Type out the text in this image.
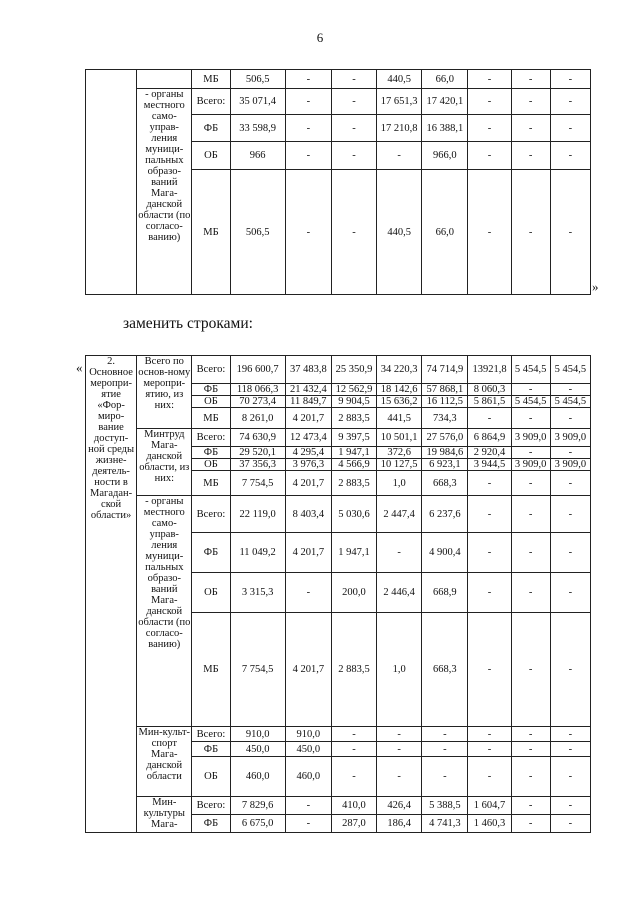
6
		МБ	506,5	-	-	440,5	66,0	-	-	-
	- органы местного само-управ-ления муници-пальных образо-ваний Мага-данской области (по согласо-ванию)	Всего:	35 071,4	-	-	17 651,3	17 420,1	-	-	-
		ФБ	33 598,9	-	-	17 210,8	16 388,1	-	-	-
		ОБ	966	-	-	-	966,0	-	-	-
		МБ	506,5	-	-	440,5	66,0	-	-	-
»
заменить строками:
«	2.
Основное меропри-ятие «Фор-миро-вание доступ-ной среды жизне-деятель-ности в Магадан-ской области»	Всего по основ-ному меропри-ятию, из них:	Всего:	196 600,7	37 483,8	25 350,9	34 220,3	74 714,9	13921,8	5 454,5	5 454,5
		ФБ	118 066,3	21 432,4	12 562,9	18 142,6	57 868,1	8 060,3	-	-
		ОБ	70 273,4	11 849,7	9 904,5	15 636,2	16 112,5	5 861,5	5 454,5	5 454,5
		МБ	8 261,0	4 201,7	2 883,5	441,5	734,3	-	-	-
	Минтруд Мага-данской области, из них:	Всего:	74 630,9	12 473,4	9 397,5	10 501,1	27 576,0	6 864,9	3 909,0	3 909,0
		ФБ	29 520,1	4 295,4	1 947,1	372,6	19 984,6	2 920,4	-	-
		ОБ	37 356,3	3 976,3	4 566,9	10 127,5	6 923,1	3 944,5	3 909,0	3 909,0
		МБ	7 754,5	4 201,7	2 883,5	1,0	668,3	-	-	-
	- органы местного само-управ-ления муници-пальных образо-ваний Мага-данской области (по согласо-ванию)	Всего:	22 119,0	8 403,4	5 030,6	2 447,4	6 237,6	-	-	-
		ФБ	11 049,2	4 201,7	1 947,1	-	4 900,4	-	-	-
		ОБ	3 315,3	-	200,0	2 446,4	668,9	-	-	-
		МБ	7 754,5	4 201,7	2 883,5	1,0	668,3	-	-	-
	Мин-культ-спорт Мага-данской области	Всего:	910,0	910,0	-	-	-	-	-	-
		ФБ	450,0	450,0	-	-	-	-	-	-
		ОБ	460,0	460,0	-	-	-	-	-	-
	Мин-культуры Мага-	Всего:	7 829,6	-	410,0	426,4	5 388,5	1 604,7	-	-
		ФБ	6 675,0	-	287,0	186,4	4 741,3	1 460,3	-	-
